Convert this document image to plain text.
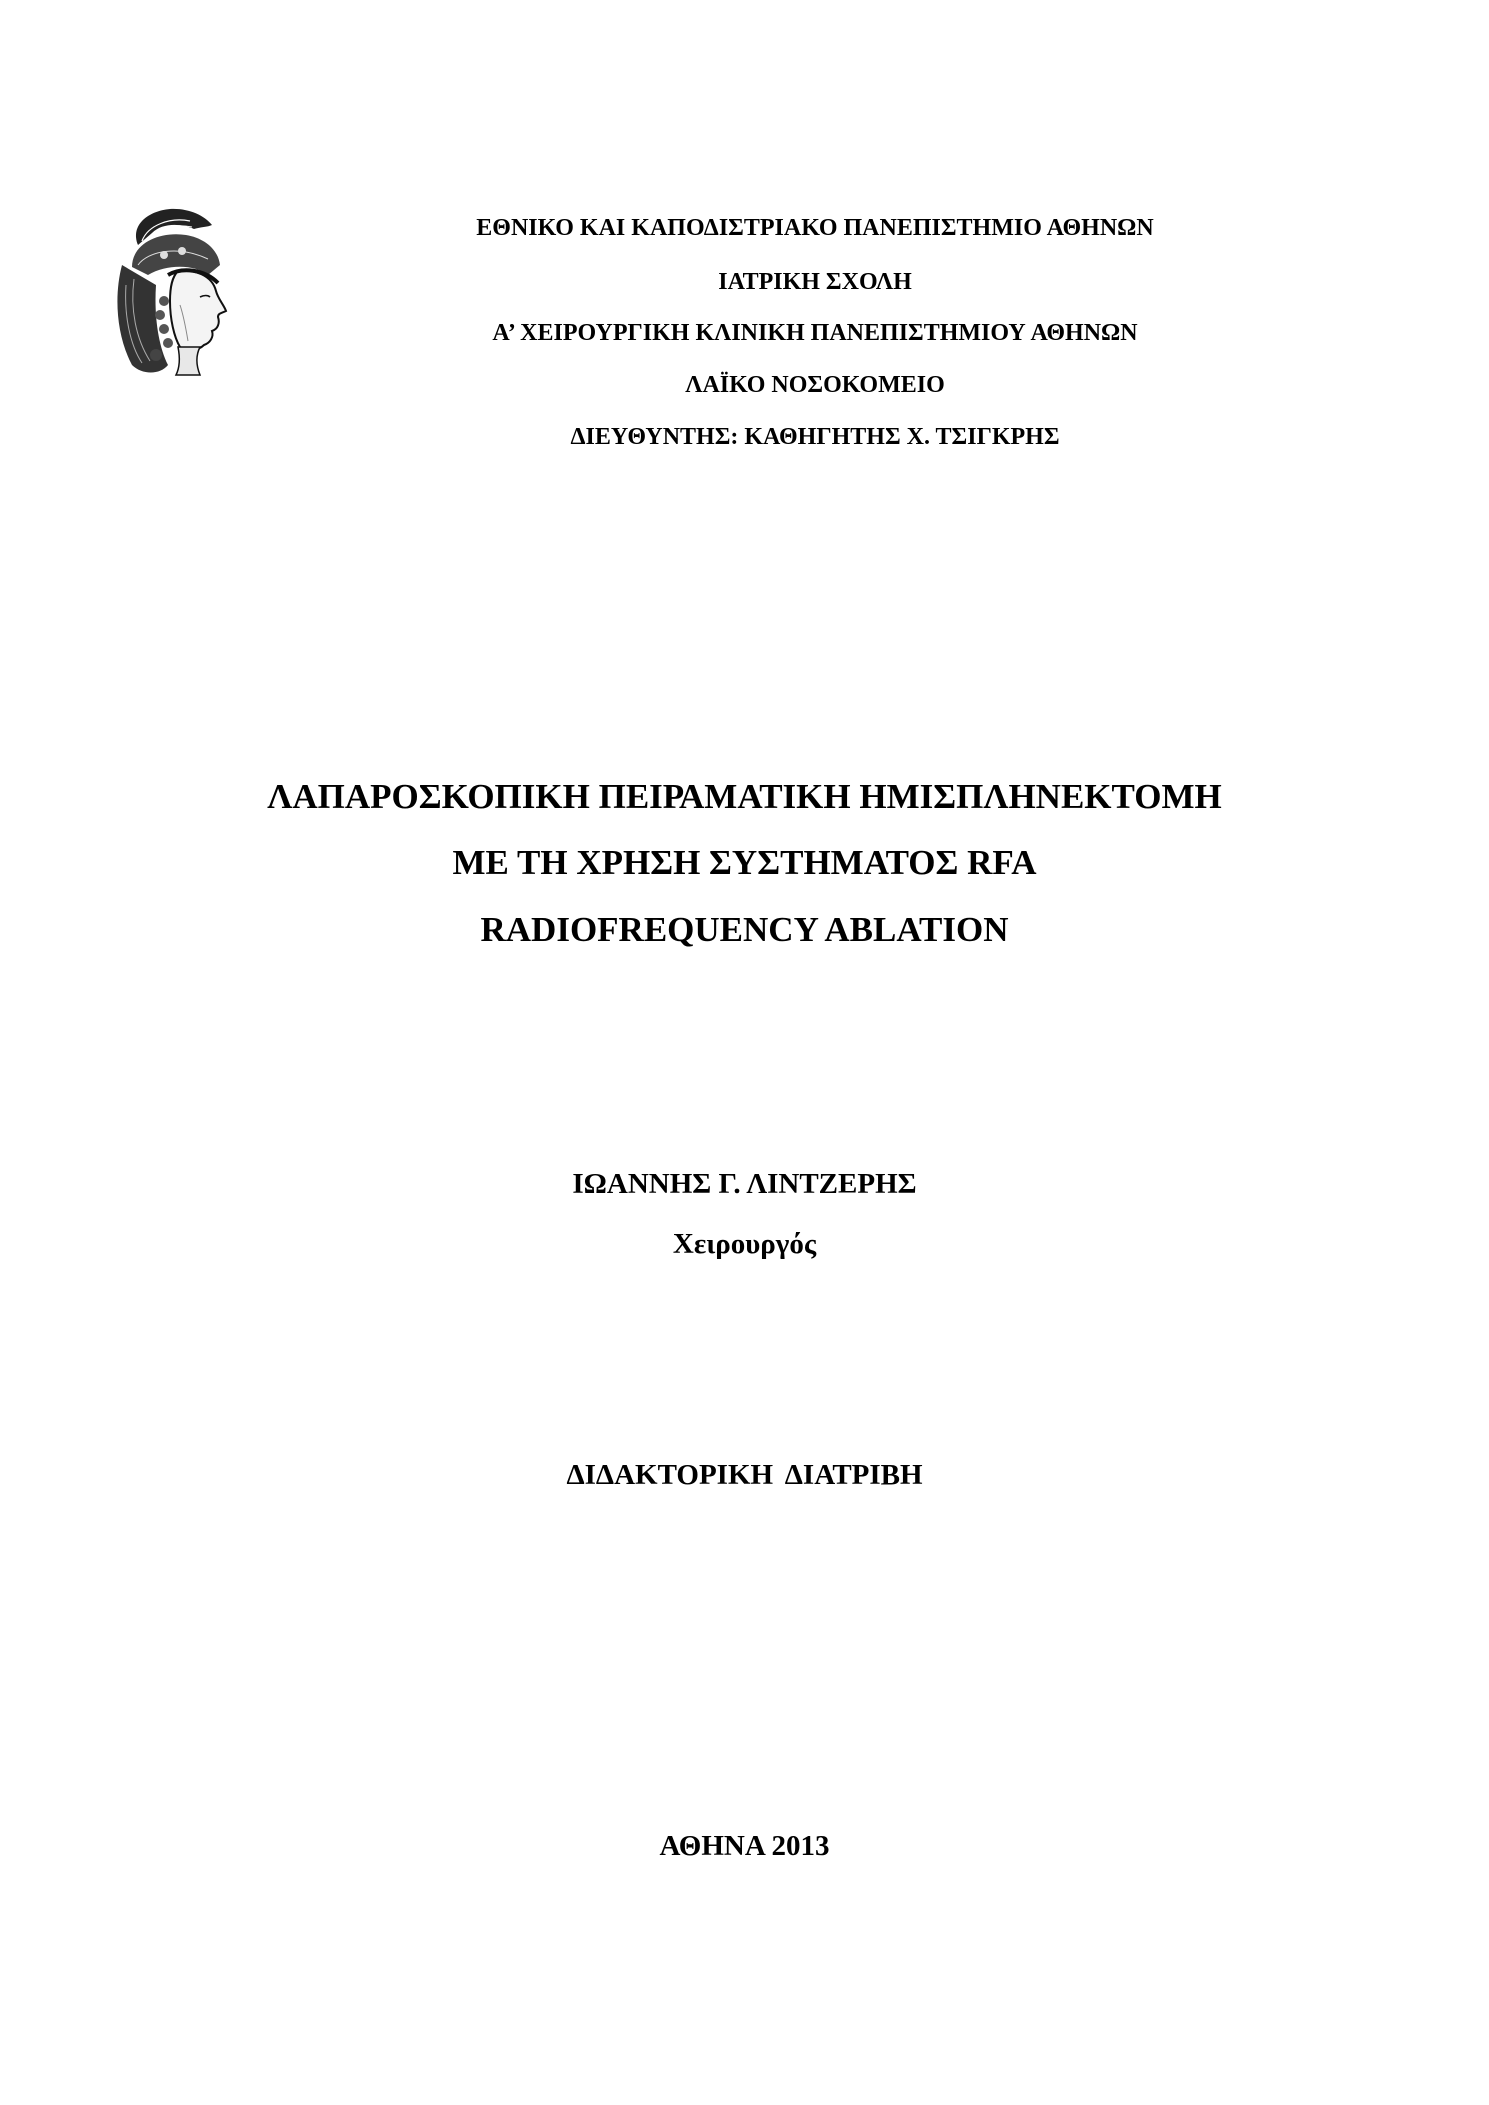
ΕΘΝΙΚΟ ΚΑΙ ΚΑΠΟΔΙΣΤΡΙΑΚΟ ΠΑΝΕΠΙΣΤΗΜΙΟ ΑΘΗΝΩΝ
ΙΑΤΡΙΚΗ ΣΧΟΛΗ
Α’ ΧΕΙΡΟΥΡΓΙΚΗ ΚΛΙΝΙΚΗ ΠΑΝΕΠΙΣΤΗΜΙΟΥ ΑΘΗΝΩΝ
ΛΑΪΚΟ ΝΟΣΟΚΟΜΕΙΟ
ΔΙΕΥΘΥΝΤΗΣ: ΚΑΘΗΓΗΤΗΣ Χ. ΤΣΙΓΚΡΗΣ
ΛΑΠΑΡΟΣΚΟΠΙΚΗ ΠΕΙΡΑΜΑΤΙΚΗ ΗΜΙΣΠΛΗΝΕΚΤΟΜΗ
ΜΕ ΤΗ ΧΡΗΣΗ ΣΥΣΤΗΜΑΤΟΣ RFA
RADIOFREQUENCY ABLATION
ΙΩΑΝΝΗΣ Γ. ΛΙΝΤΖΕΡΗΣ
Χειρουργός
ΔΙΔΑΚΤΟΡΙΚΗ ΔΙΑΤΡΙΒΗ
ΑΘΗΝΑ 2013
